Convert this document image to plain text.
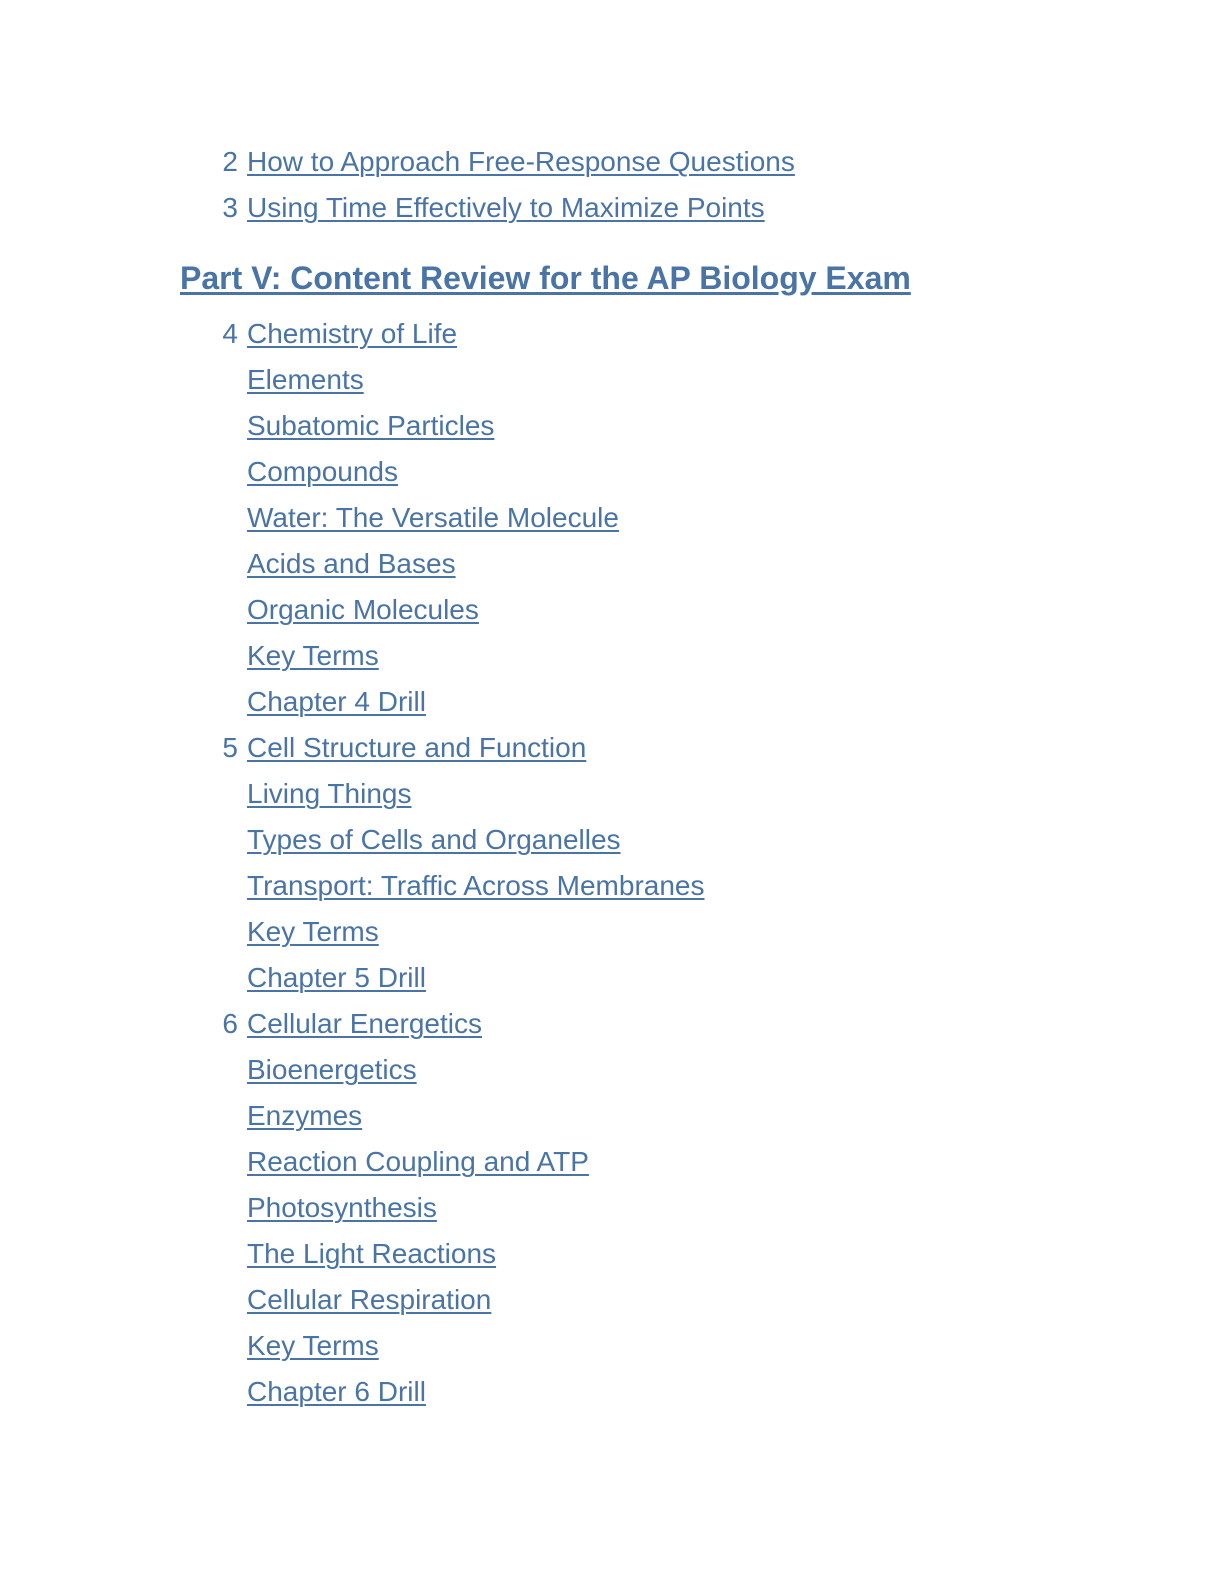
2 How to Approach Free-Response Questions
3 Using Time Effectively to Maximize Points
Part V: Content Review for the AP Biology Exam
4 Chemistry of Life
Elements
Subatomic Particles
Compounds
Water: The Versatile Molecule
Acids and Bases
Organic Molecules
Key Terms
Chapter 4 Drill
5 Cell Structure and Function
Living Things
Types of Cells and Organelles
Transport: Traffic Across Membranes
Key Terms
Chapter 5 Drill
6 Cellular Energetics
Bioenergetics
Enzymes
Reaction Coupling and ATP
Photosynthesis
The Light Reactions
Cellular Respiration
Key Terms
Chapter 6 Drill
